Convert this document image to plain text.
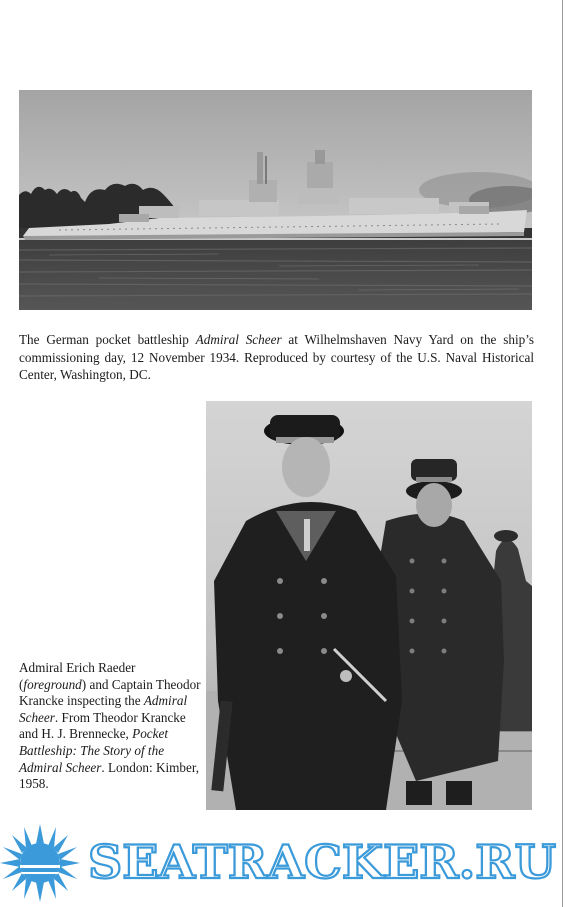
The German pocket battleship Admiral Scheer at Wilhelmshaven Navy Yard on the ship’s commissioning day, 12 November 1934. Reproduced by courtesy of the U.S. Naval Historical Center, Washington, DC.

Admiral Erich Raeder (foreground) and Captain Theodor Krancke inspecting the Admiral Scheer. From Theodor Krancke and H. J. Brennecke, Pocket Battleship: The Story of the Admiral Scheer. London: Kimber, 1958.

SEATRACKER.RU
